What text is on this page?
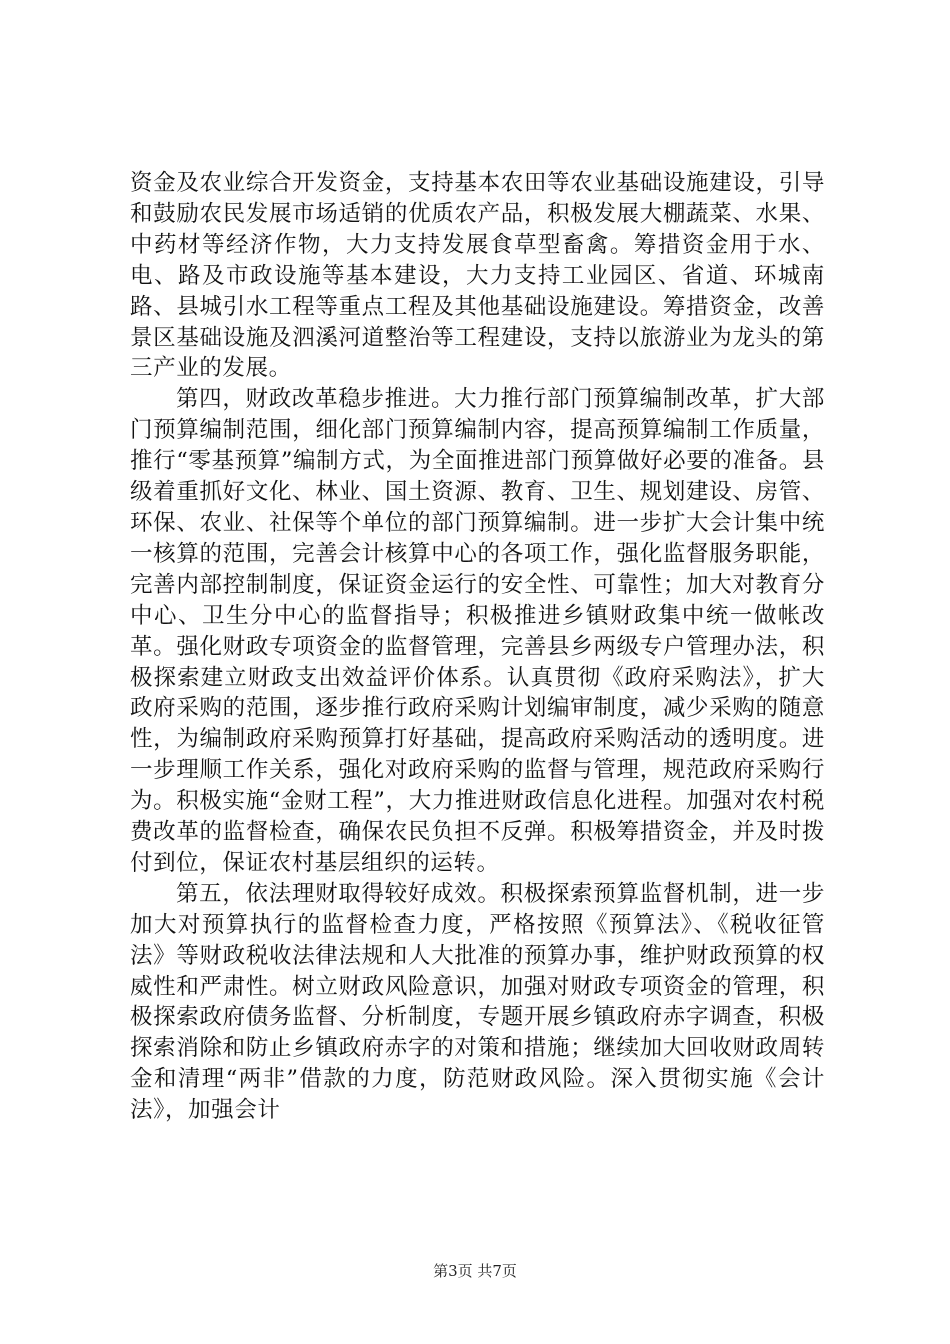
资金及农业综合开发资金，支持基本农田等农业基础设施建设，引导和鼓励农民发展市场适销的优质农产品，积极发展大棚蔬菜、水果、中药材等经济作物，大力支持发展食草型畜禽。筹措资金用于水、电、路及市政设施等基本建设，大力支持工业园区、省道、环城南路、县城引水工程等重点工程及其他基础设施建设。筹措资金，改善景区基础设施及泗溪河道整治等工程建设，支持以旅游业为龙头的第三产业的发展。

第四，财政改革稳步推进。大力推行部门预算编制改革，扩大部门预算编制范围，细化部门预算编制内容，提高预算编制工作质量，推行“零基预算”编制方式，为全面推进部门预算做好必要的准备。县级着重抓好文化、林业、国土资源、教育、卫生、规划建设、房管、环保、农业、社保等个单位的部门预算编制。进一步扩大会计集中统一核算的范围，完善会计核算中心的各项工作，强化监督服务职能，完善内部控制制度，保证资金运行的安全性、可靠性；加大对教育分中心、卫生分中心的监督指导；积极推进乡镇财政集中统一做帐改革。强化财政专项资金的监督管理，完善县乡两级专户管理办法，积极探索建立财政支出效益评价体系。认真贯彻《政府采购法》，扩大政府采购的范围，逐步推行政府采购计划编审制度，减少采购的随意性，为编制政府采购预算打好基础，提高政府采购活动的透明度。进一步理顺工作关系，强化对政府采购的监督与管理，规范政府采购行为。积极实施“金财工程”，大力推进财政信息化进程。加强对农村税费改革的监督检查，确保农民负担不反弹。积极筹措资金，并及时拨付到位，保证农村基层组织的运转。

第五，依法理财取得较好成效。积极探索预算监督机制，进一步加大对预算执行的监督检查力度，严格按照《预算法》、《税收征管法》等财政税收法律法规和人大批准的预算办事，维护财政预算的权威性和严肃性。树立财政风险意识，加强对财政专项资金的管理，积极探索政府债务监督、分析制度，专题开展乡镇政府赤字调查，积极探索消除和防止乡镇政府赤字的对策和措施；继续加大回收财政周转金和清理“两非”借款的力度，防范财政风险。深入贯彻实施《会计法》，加强会计

第3页 共7页
